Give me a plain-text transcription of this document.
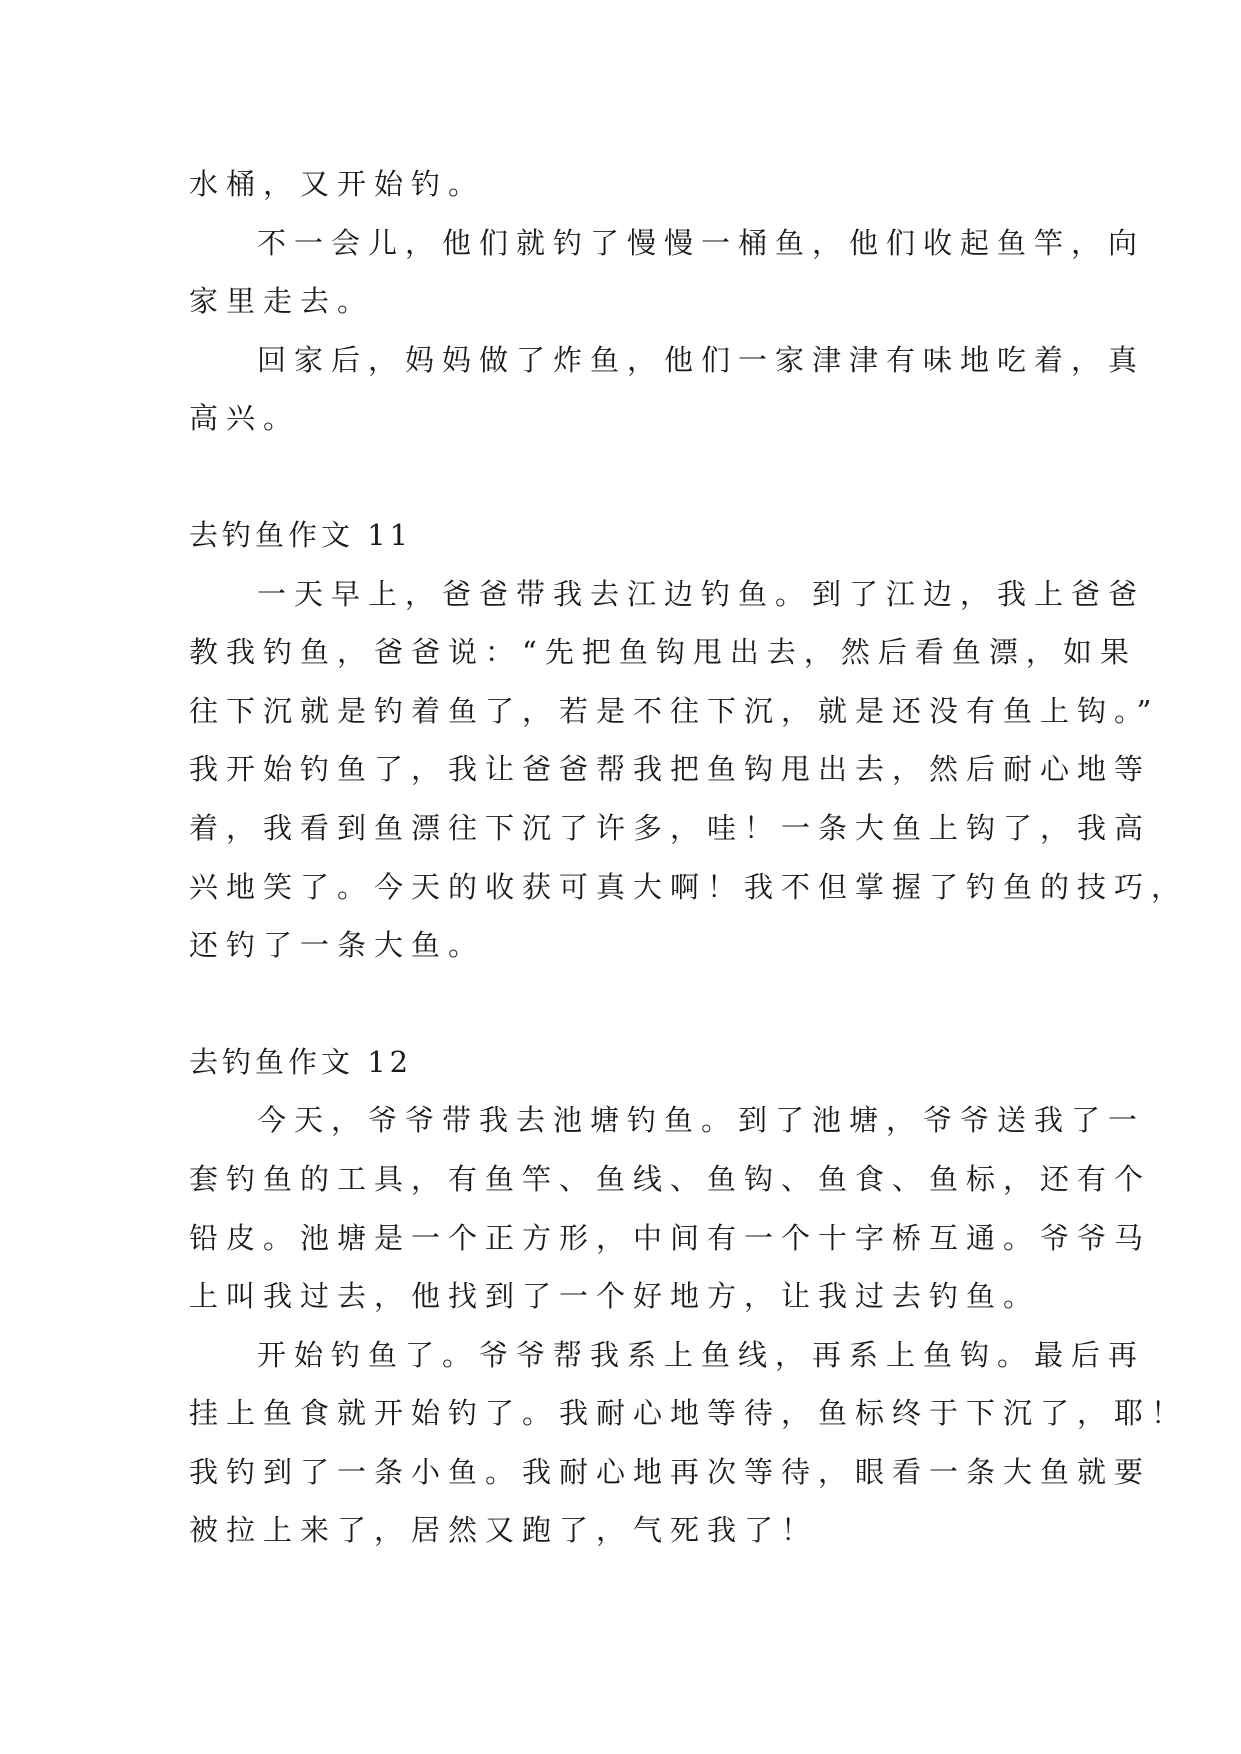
水桶，又开始钓。
不一会儿，他们就钓了慢慢一桶鱼，他们收起鱼竿，向
家里走去。
回家后，妈妈做了炸鱼，他们一家津津有味地吃着，真
高兴。
去钓鱼作文 11
一天早上，爸爸带我去江边钓鱼。到了江边，我上爸爸
教我钓鱼，爸爸说：“先把鱼钩甩出去，然后看鱼漂，如果
往下沉就是钓着鱼了，若是不往下沉，就是还没有鱼上钩。”
我开始钓鱼了，我让爸爸帮我把鱼钩甩出去，然后耐心地等
着，我看到鱼漂往下沉了许多，哇！一条大鱼上钩了，我高
兴地笑了。今天的收获可真大啊！我不但掌握了钓鱼的技巧，
还钓了一条大鱼。
去钓鱼作文 12
今天，爷爷带我去池塘钓鱼。到了池塘，爷爷送我了一
套钓鱼的工具，有鱼竿、鱼线、鱼钩、鱼食、鱼标，还有个
铅皮。池塘是一个正方形，中间有一个十字桥互通。爷爷马
上叫我过去，他找到了一个好地方，让我过去钓鱼。
开始钓鱼了。爷爷帮我系上鱼线，再系上鱼钩。最后再
挂上鱼食就开始钓了。我耐心地等待，鱼标终于下沉了，耶！
我钓到了一条小鱼。我耐心地再次等待，眼看一条大鱼就要
被拉上来了，居然又跑了，气死我了！
